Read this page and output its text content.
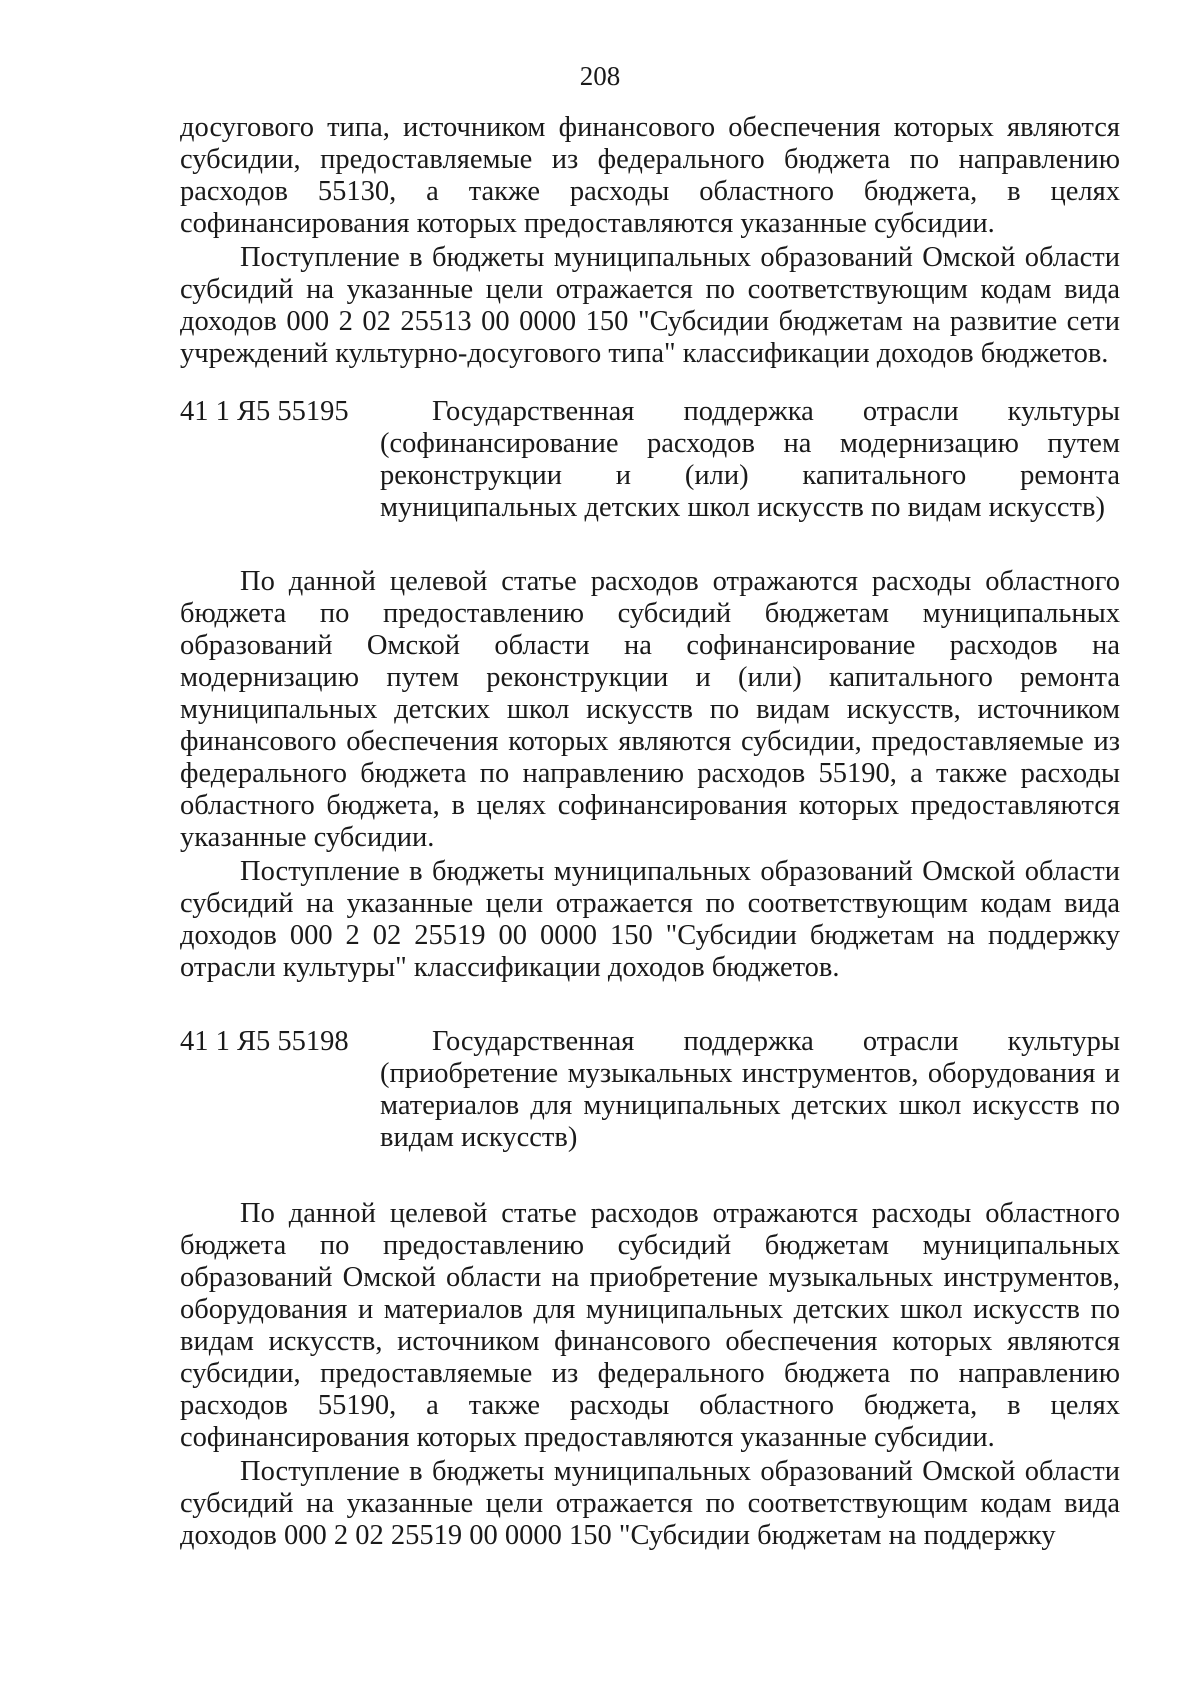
208

досугового типа, источником финансового обеспечения которых являются субсидии, предоставляемые из федерального бюджета по направлению расходов 55130, а также расходы областного бюджета, в целях софинансирования которых предоставляются указанные субсидии.

Поступление в бюджеты муниципальных образований Омской области субсидий на указанные цели отражается по соответствующим кодам вида доходов 000 2 02 25513 00 0000 150 "Субсидии бюджетам на развитие сети учреждений культурно-досугового типа" классификации доходов бюджетов.

41 1 Я5 55195	Государственная поддержка отрасли культуры (софинансирование расходов на модернизацию путем реконструкции и (или) капитального ремонта муниципальных детских школ искусств по видам искусств)

По данной целевой статье расходов отражаются расходы областного бюджета по предоставлению субсидий бюджетам муниципальных образований Омской области на софинансирование расходов на модернизацию путем реконструкции и (или) капитального ремонта муниципальных детских школ искусств по видам искусств, источником финансового обеспечения которых являются субсидии, предоставляемые из федерального бюджета по направлению расходов 55190, а также расходы областного бюджета, в целях софинансирования которых предоставляются указанные субсидии.

Поступление в бюджеты муниципальных образований Омской области субсидий на указанные цели отражается по соответствующим кодам вида доходов 000 2 02 25519 00 0000 150 "Субсидии бюджетам на поддержку отрасли культуры" классификации доходов бюджетов.

41 1 Я5 55198	Государственная поддержка отрасли культуры (приобретение музыкальных инструментов, оборудования и материалов для муниципальных детских школ искусств по видам искусств)

По данной целевой статье расходов отражаются расходы областного бюджета по предоставлению субсидий бюджетам муниципальных образований Омской области на приобретение музыкальных инструментов, оборудования и материалов для муниципальных детских школ искусств по видам искусств, источником финансового обеспечения которых являются субсидии, предоставляемые из федерального бюджета по направлению расходов 55190, а также расходы областного бюджета, в целях софинансирования которых предоставляются указанные субсидии.

Поступление в бюджеты муниципальных образований Омской области субсидий на указанные цели отражается по соответствующим кодам вида доходов 000 2 02 25519 00 0000 150 "Субсидии бюджетам на поддержку
